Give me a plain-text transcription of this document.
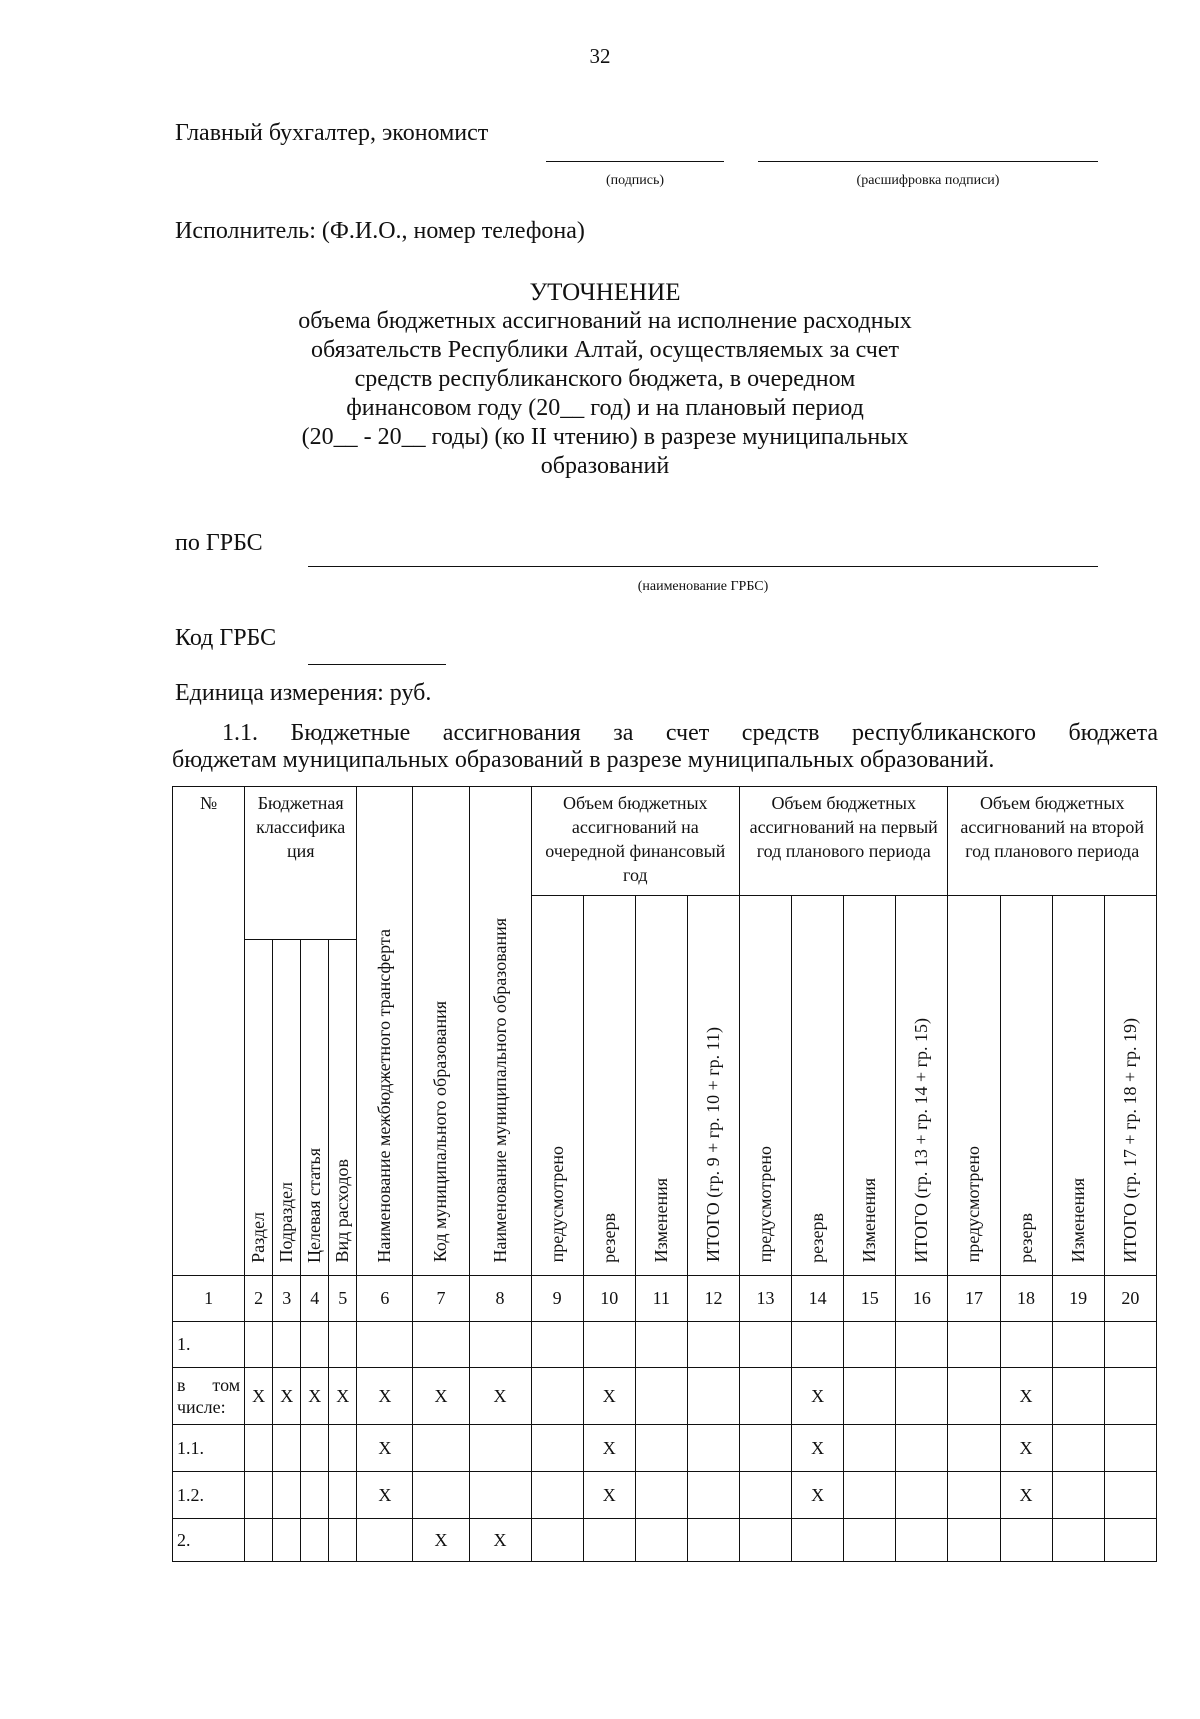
32
Главный бухгалтер, экономист
(подпись)	(расшифровка подписи)
Исполнитель: (Ф.И.О., номер телефона)
УТОЧНЕНИЕ
объема бюджетных ассигнований на исполнение расходных
обязательств Республики Алтай, осуществляемых за счет
средств республиканского бюджета, в очередном
финансовом году (20__ год) и на плановый период
(20__ - 20__ годы) (ко II чтению) в разрезе муниципальных
образований
по ГРБС
(наименование ГРБС)
Код ГРБС
Единица измерения: руб.
1.1. Бюджетные ассигнования за счет средств республиканского бюджета
бюджетам муниципальных образований в разрезе муниципальных образований.
№	Бюджетная классифика ция				Наименование межбюджетного трансферта	Код муниципального образования	Наименование муниципального образования	Объем бюджетных ассигнований на очередной финансовый год				Объем бюджетных ассигнований на первый год планового периода				Объем бюджетных ассигнований на второй год планового периода			
								предусмотрено	резерв	Изменения	ИТОГО (гр. 9 + гр. 10 + гр. 11)	предусмотрено	резерв	Изменения	ИТОГО (гр. 13 + гр. 14 + гр. 15)	предусмотрено	резерв	Изменения	ИТОГО (гр. 17 + гр. 18 + гр. 19)
	Раздел	Подраздел	Целевая статья	Вид расходов															
1	2	3	4	5	6	7	8	9	10	11	12	13	14	15	16	17	18	19	20
1.																			
в том числе:	X	X	X	X	X	X	X		X				X				X		
1.1.					X				X				X				X		
1.2.					X				X				X				X		
2.						X	X												
